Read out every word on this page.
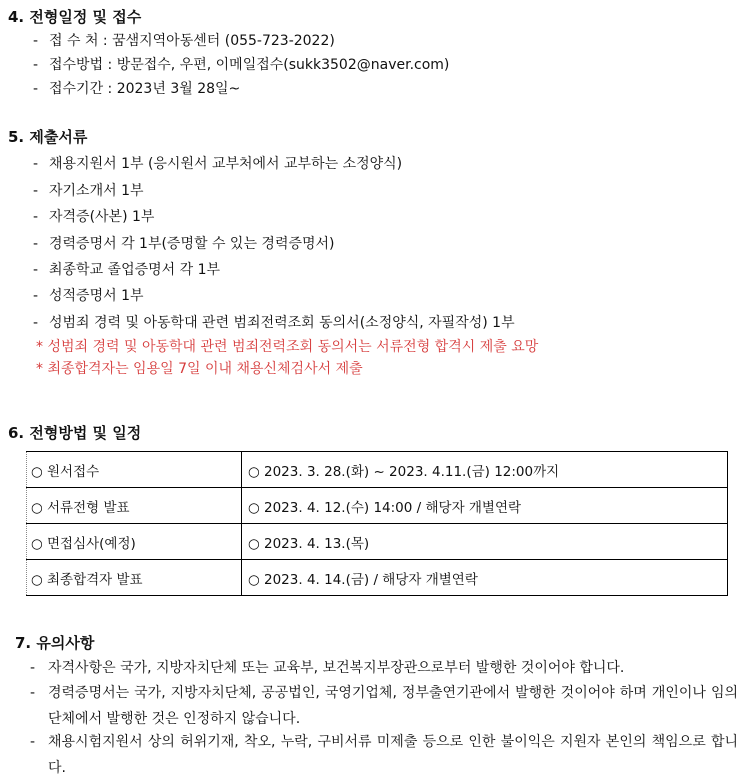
4. 전형일정 및 접수
- 접 수 처 : 꿈샘지역아동센터 (055-723-2022)
- 접수방법 : 방문접수, 우편, 이메일접수(sukk3502@naver.com)
- 접수기간 : 2023년 3월 28일~
5. 제출서류
- 채용지원서 1부 (응시원서 교부처에서 교부하는 소정양식)
- 자기소개서 1부
- 자격증(사본) 1부
- 경력증명서 각 1부(증명할 수 있는 경력증명서)
- 최종학교 졸업증명서 각 1부
- 성적증명서 1부
- 성범죄 경력 및 아동학대 관련 범죄전력조회 동의서(소정양식, 자필작성) 1부
* 성범죄 경력 및 아동학대 관련 범죄전력조회 동의서는 서류전형 합격시 제출 요망
* 최종합격자는 임용일 7일 이내 채용신체검사서 제출
6. 전형방법 및 일정
○ 원서접수	○ 2023. 3. 28.(화) ~ 2023. 4.11.(금) 12:00까지
○ 서류전형 발표	○ 2023. 4. 12.(수) 14:00 / 해당자 개별연락
○ 면접심사(예정)	○ 2023. 4. 13.(목)
○ 최종합격자 발표	○ 2023. 4. 14.(금) / 해당자 개별연락
7. 유의사항
- 자격사항은 국가, 지방자치단체 또는 교육부, 보건복지부장관으로부터 발행한 것이어야 합니다.
- 경력증명서는 국가, 지방자치단체, 공공법인, 국영기업체, 정부출연기관에서 발행한 것이어야 하며 개인이나 임의단체에서 발행한 것은 인정하지 않습니다.
- 채용시험지원서 상의 허위기재, 착오, 누락, 구비서류 미제출 등으로 인한 불이익은 지원자 본인의 책임으로 합니다.
